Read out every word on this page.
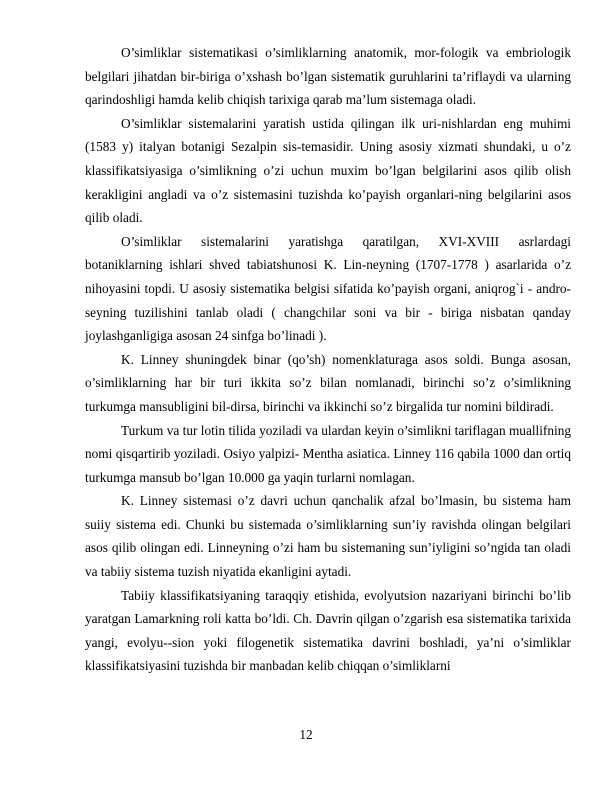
O’simliklar sistematikasi o’simliklarning anatomik, mor-fologik va embriologik belgilari jihatdan bir-biriga o’xshash bo’lgan sistematik guruhlarini ta’riflaydi va ularning qarindoshligi hamda kelib chiqish tarixiga qarab ma’lum sistemaga oladi.

O’simliklar sistemalarini yaratish ustida qilingan ilk uri-nishlardan eng muhimi (1583 y) italyan botanigi Sezalpin sis-temasidir. Uning asosiy xizmati shundaki, u o’z klassifikatsiyasiga o’simlikning o’zi uchun muxim bo’lgan belgilarini asos qilib olish kerakligini angladi va o’z sistemasini tuzishda ko’payish organlari-ning belgilarini asos qilib oladi.

O’simliklar sistemalarini yaratishga qaratilgan, XVI-XVIII asrlardagi botaniklarning ishlari shved tabiatshunosi K. Lin-neyning (1707-1778 ) asarlarida o’z nihoyasini topdi. U asosiy sistematika belgisi sifatida ko’payish organi, aniqrog`i - andro-seyning tuzilishini tanlab oladi ( changchilar soni va bir - biriga nisbatan qanday joylashganligiga asosan 24 sinfga bo’linadi ).

K. Linney shuningdek binar (qo’sh) nomenklaturaga asos soldi. Bunga asosan, o’simliklarning har bir turi ikkita so’z bilan nomlanadi, birinchi so’z o’simlikning turkumga mansubligini bil-dirsa, birinchi va ikkinchi so’z birgalida tur nomini bildiradi.

Turkum va tur lotin tilida yoziladi va ulardan keyin o’simlikni tariflagan muallifning nomi qisqartirib yoziladi. Osiyo yalpizi- Mentha asiatica. Linney 116 qabila 1000 dan ortiq turkumga mansub bo’lgan 10.000 ga yaqin turlarni nomlagan.

K. Linney sistemasi o’z davri uchun qanchalik afzal bo’lmasin, bu sistema ham suiiy sistema edi. Chunki bu sistemada o’simliklarning sun’iy ravishda olingan belgilari asos qilib olingan edi. Linneyning o’zi ham bu sistemaning sun’iyligini so’ngida tan oladi va tabiiy sistema tuzish niyatida ekanligini aytadi.

Tabiiy klassifikatsiyaning taraqqiy etishida, evolyutsion nazariyani birinchi bo’lib yaratgan Lamarkning roli katta bo’ldi. Ch. Davrin qilgan o’zgarish esa sistematika tarixida yangi, evolyu--sion yoki filogenetik sistematika davrini boshladi, ya’ni o’simliklar klassifikatsiyasini tuzishda bir manbadan kelib chiqqan o’simliklarni

12
